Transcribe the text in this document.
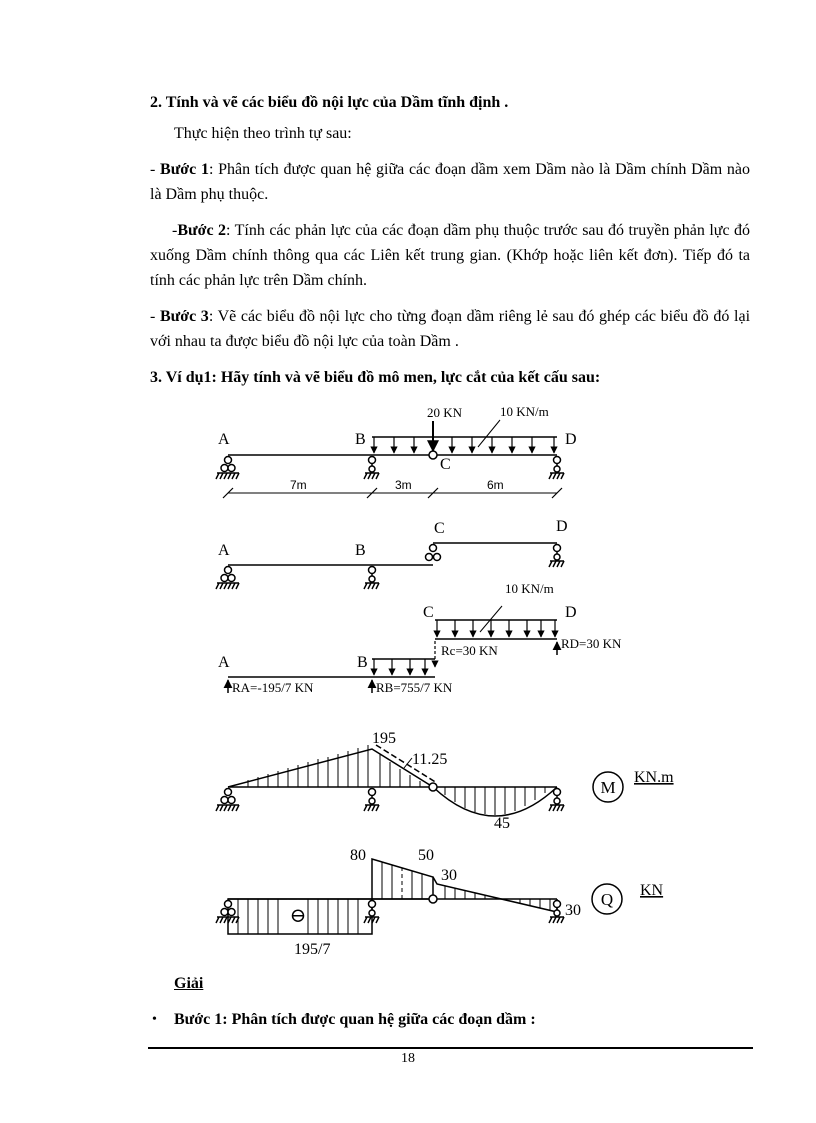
2. Tính và vẽ các biểu đồ nội lực của Dầm tĩnh định .
Thực hiện theo trình tự sau:
- Bước 1: Phân tích được quan hệ giữa các đoạn dầm xem Dầm nào là Dầm chính Dầm nào là Dầm phụ thuộc.
-Bước 2: Tính các phản lực của các đoạn dầm phụ thuộc trước sau đó truyền phản lực đó xuống Dầm chính thông qua các Liên kết trung gian. (Khớp hoặc liên kết đơn). Tiếp đó ta tính các phản lực trên Dầm chính.
- Bước 3: Vẽ các biểu đồ nội lực cho từng đoạn dầm riêng lẻ sau đó ghép các biểu đồ đó lại với nhau ta được biểu đồ nội lực của toàn Dầm .
3. Ví dụ1: Hãy tính và vẽ biểu đồ mô men, lực cắt của kết cấu sau:
A	B
C
D
20 KN	10 KN/m
7m	3m	6m
A	B
C	D
10 KN/m
C	D
RD=30 KN
Rc=30 KN
A	B
RA=-195/7 KN	RB=755/7 KN
195
11.25
45
M
KN.m
⊖
80	50
30
30
195/7
Q KN
Giải
• Bước 1: Phân tích được quan hệ giữa các đoạn dầm :
18
